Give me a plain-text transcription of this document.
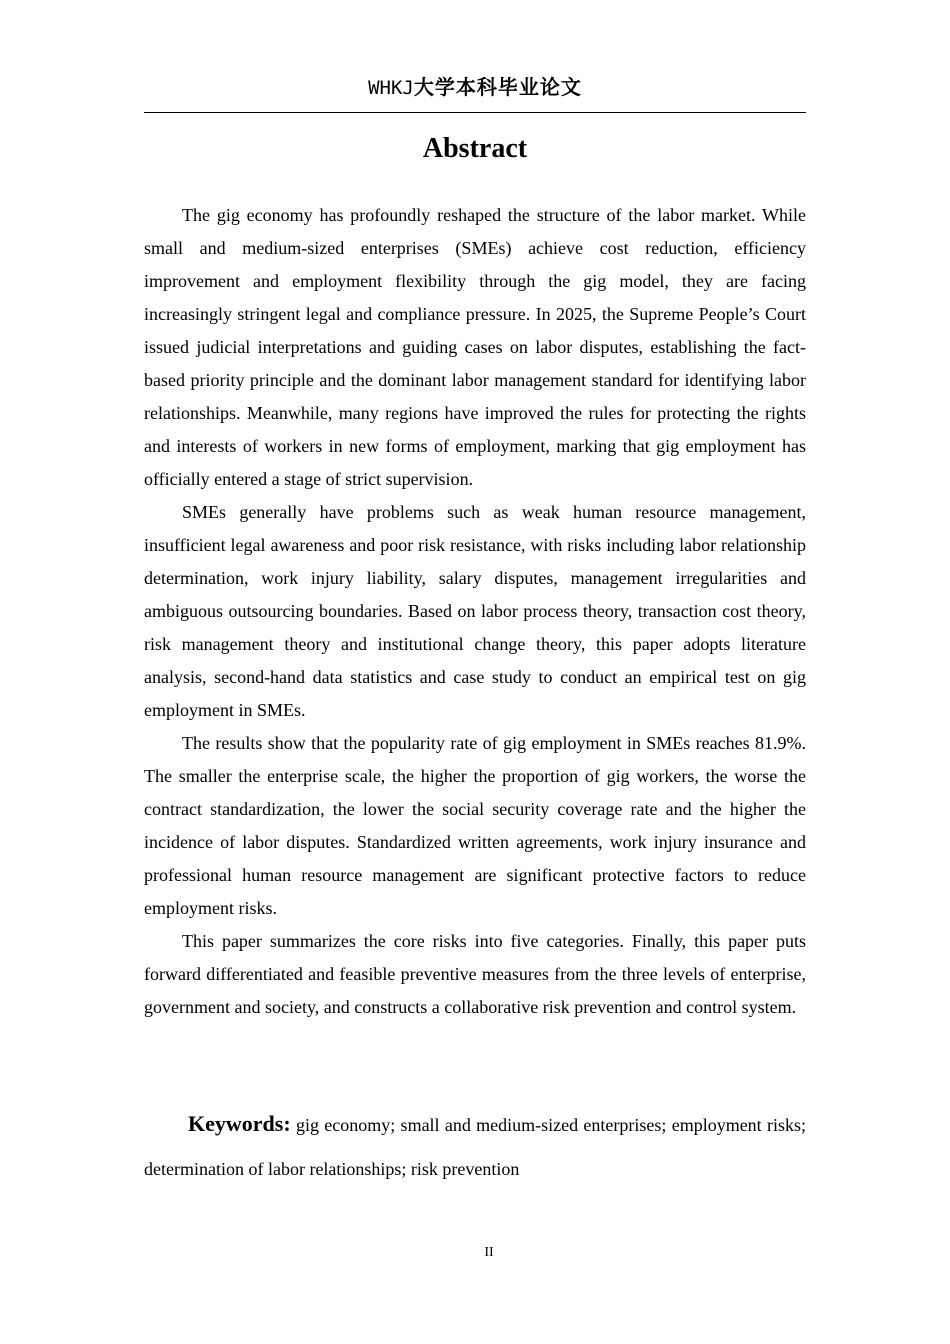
WHKJ大学本科毕业论文
Abstract

The gig economy has profoundly reshaped the structure of the labor market. While small and medium-sized enterprises (SMEs) achieve cost reduction, efficiency improvement and employment flexibility through the gig model, they are facing increasingly stringent legal and compliance pressure. In 2025, the Supreme People’s Court issued judicial interpretations and guiding cases on labor disputes, establishing the fact-based priority principle and the dominant labor management standard for identifying labor relationships. Meanwhile, many regions have improved the rules for protecting the rights and interests of workers in new forms of employment, marking that gig employment has officially entered a stage of strict supervision.

SMEs generally have problems such as weak human resource management, insufficient legal awareness and poor risk resistance, with risks including labor relationship determination, work injury liability, salary disputes, management irregularities and ambiguous outsourcing boundaries. Based on labor process theory, transaction cost theory, risk management theory and institutional change theory, this paper adopts literature analysis, second-hand data statistics and case study to conduct an empirical test on gig employment in SMEs.

The results show that the popularity rate of gig employment in SMEs reaches 81.9%. The smaller the enterprise scale, the higher the proportion of gig workers, the worse the contract standardization, the lower the social security coverage rate and the higher the incidence of labor disputes. Standardized written agreements, work injury insurance and professional human resource management are significant protective factors to reduce employment risks.

This paper summarizes the core risks into five categories. Finally, this paper puts forward differentiated and feasible preventive measures from the three levels of enterprise, government and society, and constructs a collaborative risk prevention and control system.

Keywords: gig economy; small and medium-sized enterprises; employment risks; determination of labor relationships; risk prevention
II
